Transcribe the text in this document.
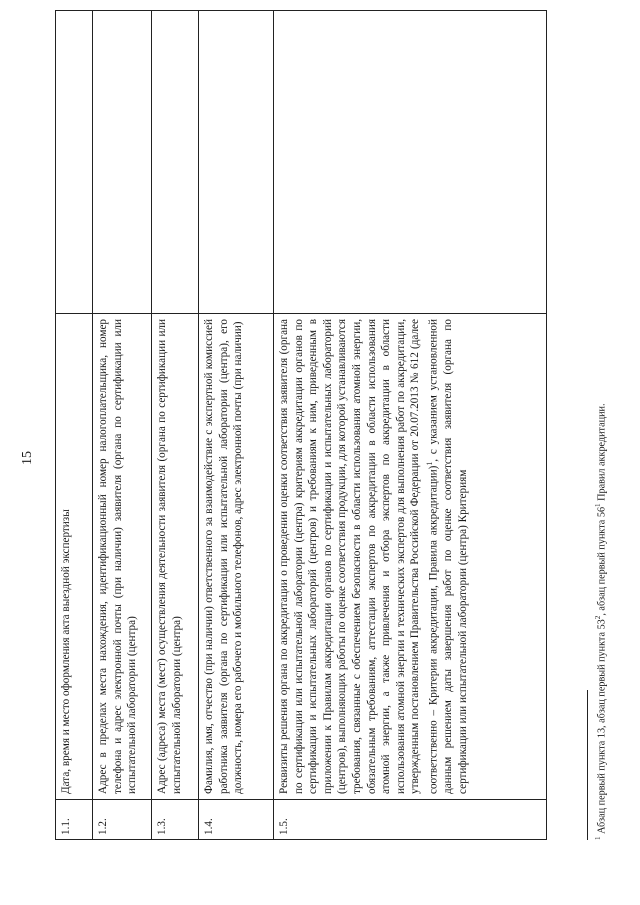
15
1.1.	Дата, время и место оформления акта выездной экспертизы	
1.2.	Адрес в пределах места нахождения, идентификационный номер налогоплательщика, номер телефона и адрес электронной почты (при наличии) заявителя (органа по сертификации или испытательной лаборатории (центра)	
1.3.	Адрес (адреса) места (мест) осуществления деятельности заявителя (органа по сертификации или испытательной лаборатории (центра)	
1.4.	Фамилия, имя, отчество (при наличии) ответственного за взаимодействие с экспертной комиссией работника заявителя (органа по сертификации или испытательной лаборатории (центра), его должность, номера его рабочего и мобильного телефонов, адрес электронной почты (при наличии)	
1.5.	Реквизиты решения органа по аккредитации о проведении оценки соответствия заявителя (органа по сертификации или испытательной лаборатории (центра) критериям аккредитации органов по сертификации и испытательных лабораторий (центров) и требованиям к ним, приведенным в приложении к Правилам аккредитации органов по сертификации и испытательных лабораторий (центров), выполняющих работы по оценке соответствия продукции, для которой устанавливаются требования, связанные с обеспечением безопасности в области использования атомной энергии, обязательным требованиям, аттестации экспертов по аккредитации в области использования атомной энергии, а также привлечения и отбора экспертов по аккредитации в области использования атомной энергии и технических экспертов для выполнения работ по аккредитации, утвержденным постановлением Правительства Российской Федерации от 20.07.2013 № 612 (далее соответственно – Критерии аккредитации, Правила аккредитации)$^1$, с указанием установленной данным решением даты завершения работ по оценке соответствия заявителя (органа по сертификации или испытательной лаборатории (центра) Критериям	
$^1$ Абзац первый пункта 13, абзац первый пункта $53^2$, абзац первый пункта $56^1$ Правил аккредитации.
